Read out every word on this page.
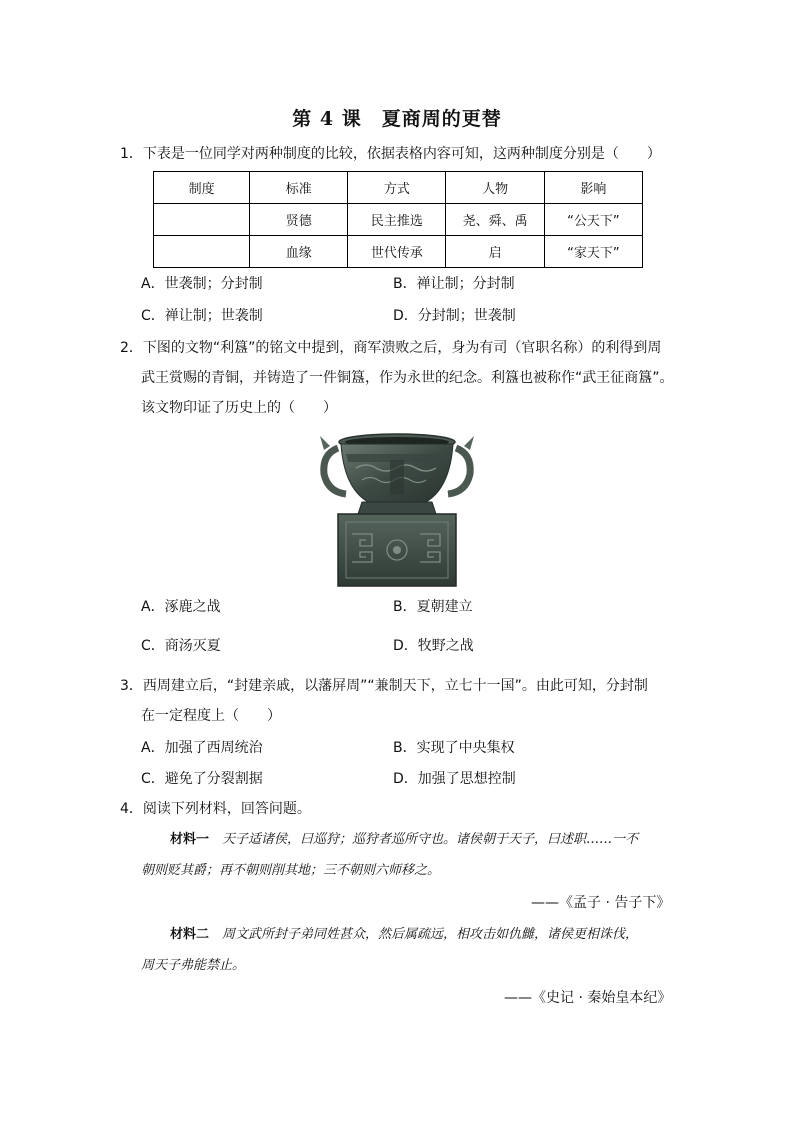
第 4 课　夏商周的更替
1．下表是一位同学对两种制度的比较，依据表格内容可知，这两种制度分别是（　　）
制度	标准	方式	人物	影响
	贤德	民主推选	尧、舜、禹	“公天下”
	血缘	世代传承	启	“家天下”
A．世袭制；分封制	B．禅让制；分封制
C．禅让制；世袭制	D．分封制；世袭制
2．下图的文物“利簋”的铭文中提到，商军溃败之后，身为有司（官职名称）的利得到周
武王赏赐的青铜，并铸造了一件铜簋，作为永世的纪念。利簋也被称作“武王征商簋”。
该文物印证了历史上的（　　）
A．涿鹿之战	B．夏朝建立
C．商汤灭夏	D．牧野之战
3．西周建立后，“封建亲戚，以藩屏周”“兼制天下，立七十一国”。由此可知，分封制
在一定程度上（　　）
A．加强了西周统治	B．实现了中央集权
C．避免了分裂割据	D．加强了思想控制
4．阅读下列材料，回答问题。
材料一　天子适诸侯，曰巡狩；巡狩者巡所守也。诸侯朝于天子，曰述职……一不
朝则贬其爵；再不朝则削其地；三不朝则六师移之。
——《孟子 · 告子下》
材料二　周文武所封子弟同姓甚众，然后属疏远，相攻击如仇雠，诸侯更相诛伐，
周天子弗能禁止。
——《史记 · 秦始皇本纪》
